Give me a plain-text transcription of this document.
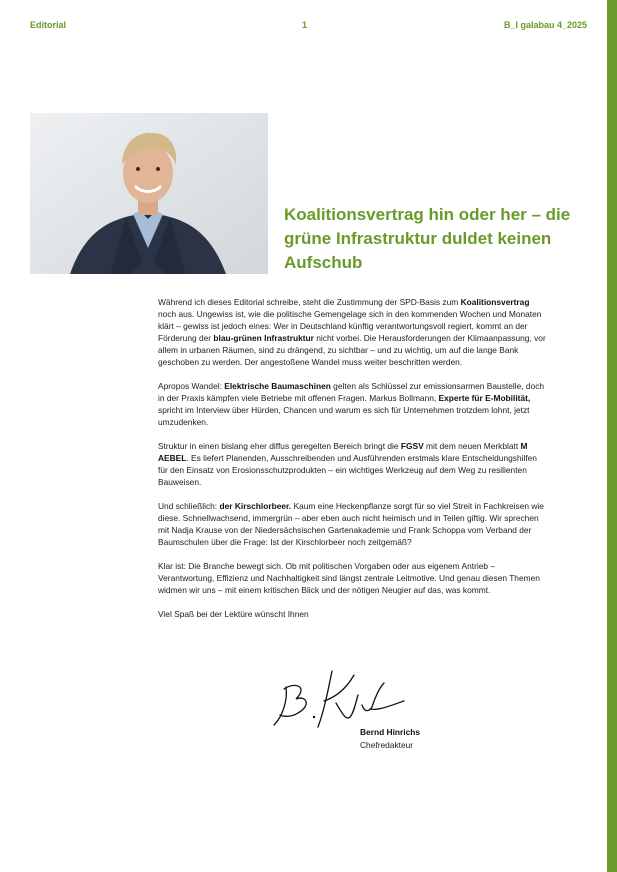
Editorial	1	B_I galabau 4_2025
Koalitionsvertrag hin oder her – die grüne Infrastruktur duldet keinen Aufschub

Während ich dieses Editorial schreibe, steht die Zustimmung der SPD-Basis zum Koalitionsvertrag noch aus. Ungewiss ist, wie die politische Gemengelage sich in den kommenden Wochen und Monaten klärt – gewiss ist jedoch eines: Wer in Deutschland künftig verantwortungsvoll regiert, kommt an der Förderung der blau-grünen Infrastruktur nicht vorbei. Die Herausforderungen der Klimaanpassung, vor allem in urbanen Räumen, sind zu drängend, zu sichtbar – und zu wichtig, um auf die lange Bank geschoben zu werden. Der angestoßene Wandel muss weiter beschritten werden.

Apropos Wandel: Elektrische Baumaschinen gelten als Schlüssel zur emissionsarmen Baustelle, doch in der Praxis kämpfen viele Betriebe mit offenen Fragen. Markus Bollmann, Experte für E-Mobilität, spricht im Interview über Hürden, Chancen und warum es sich für Unternehmen trotzdem lohnt, jetzt umzudenken.

Struktur in einen bislang eher diffus geregelten Bereich bringt die FGSV mit dem neuen Merkblatt M AEBEL. Es liefert Planenden, Ausschreibenden und Ausführenden erstmals klare Entscheidungshilfen für den Einsatz von Erosionsschutzprodukten – ein wichtiges Werkzeug auf dem Weg zu resilienten Bauweisen.

Und schließlich: der Kirschlorbeer. Kaum eine Heckenpflanze sorgt für so viel Streit in Fachkreisen wie diese. Schnellwachsend, immergrün – aber eben auch nicht heimisch und in Teilen giftig. Wir sprechen mit Nadja Krause von der Niedersächsischen Gartenakademie und Frank Schoppa vom Verband der Baumschulen über die Frage: Ist der Kirschlorbeer noch zeitgemäß?

Klar ist: Die Branche bewegt sich. Ob mit politischen Vorgaben oder aus eigenem Antrieb – Verantwortung, Effizienz und Nachhaltigkeit sind längst zentrale Leitmotive. Und genau diesen Themen widmen wir uns – mit einem kritischen Blick und der nötigen Neugier auf das, was kommt.

Viel Spaß bei der Lektüre wünscht Ihnen

Bernd Hinrichs
Chefredakteur
